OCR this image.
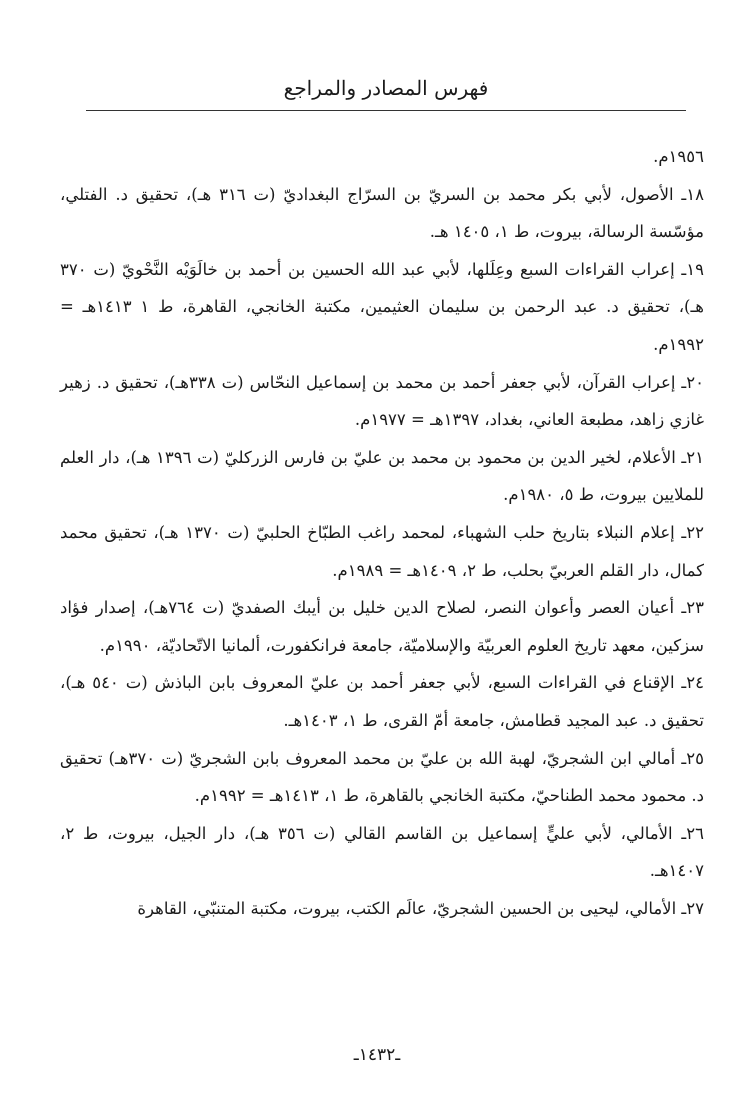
فهرس المصادر والمراجع

١٩٥٦م.

١٨ـ الأصول، لأبي بكر محمد بن السريّ بن السرّاج البغداديّ (ت ٣١٦ هـ)، تحقيق د. الفتلي، مؤسّسة الرسالة، بيروت، ط ١، ١٤٠٥ هـ.

١٩ـ إعراب القراءات السبع وعِلَلها، لأبي عبد الله الحسين بن أحمد بن خالَوَيْه النَّحْويّ (ت ٣٧٠ هـ)، تحقيق د. عبد الرحمن بن سليمان العثيمين، مكتبة الخانجي، القاهرة، ط ١ ١٤١٣هـ = ١٩٩٢م.

٢٠ـ إعراب القرآن، لأبي جعفر أحمد بن محمد بن إسماعيل النحّاس (ت ٣٣٨هـ)، تحقيق د. زهير غازي زاهد، مطبعة العاني، بغداد، ١٣٩٧هـ = ١٩٧٧م.

٢١ـ الأعلام، لخير الدين بن محمود بن محمد بن عليّ بن فارس الزركليّ (ت ١٣٩٦ هـ)، دار العلم للملايين بيروت، ط ٥، ١٩٨٠م.

٢٢ـ إعلام النبلاء بتاريخ حلب الشهباء، لمحمد راغب الطبّاخ الحلبيّ (ت ١٣٧٠ هـ)، تحقيق محمد كمال، دار القلم العربيّ بحلب، ط ٢، ١٤٠٩هـ = ١٩٨٩م.

٢٣ـ أعيان العصر وأعوان النصر، لصلاح الدين خليل بن أيبك الصفديّ (ت ٧٦٤هـ)، إصدار فؤاد سزكين، معهد تاريخ العلوم العربيّة والإسلاميّة، جامعة فرانكفورت، ألمانيا الاتّحاديّة، ١٩٩٠م.

٢٤ـ الإقناع في القراءات السبع، لأبي جعفر أحمد بن عليّ المعروف بابن الباذش (ت ٥٤٠ هـ)، تحقيق د. عبد المجيد قطامش، جامعة أمّ القرى، ط ١، ١٤٠٣هـ.

٢٥ـ أمالي ابن الشجريّ، لهبة الله بن عليّ بن محمد المعروف بابن الشجريّ (ت ٣٧٠هـ) تحقيق د. محمود محمد الطناحيّ، مكتبة الخانجي بالقاهرة، ط ١، ١٤١٣هـ = ١٩٩٢م.

٢٦ـ الأمالي، لأبي عليٍّ إسماعيل بن القاسم القالي (ت ٣٥٦ هـ)، دار الجيل، بيروت، ط ٢، ١٤٠٧هـ.

٢٧ـ الأمالي، ليحيى بن الحسين الشجريّ، عالَم الكتب، بيروت، مكتبة المتنبّي، القاهرة

ـ١٤٣٢ـ
